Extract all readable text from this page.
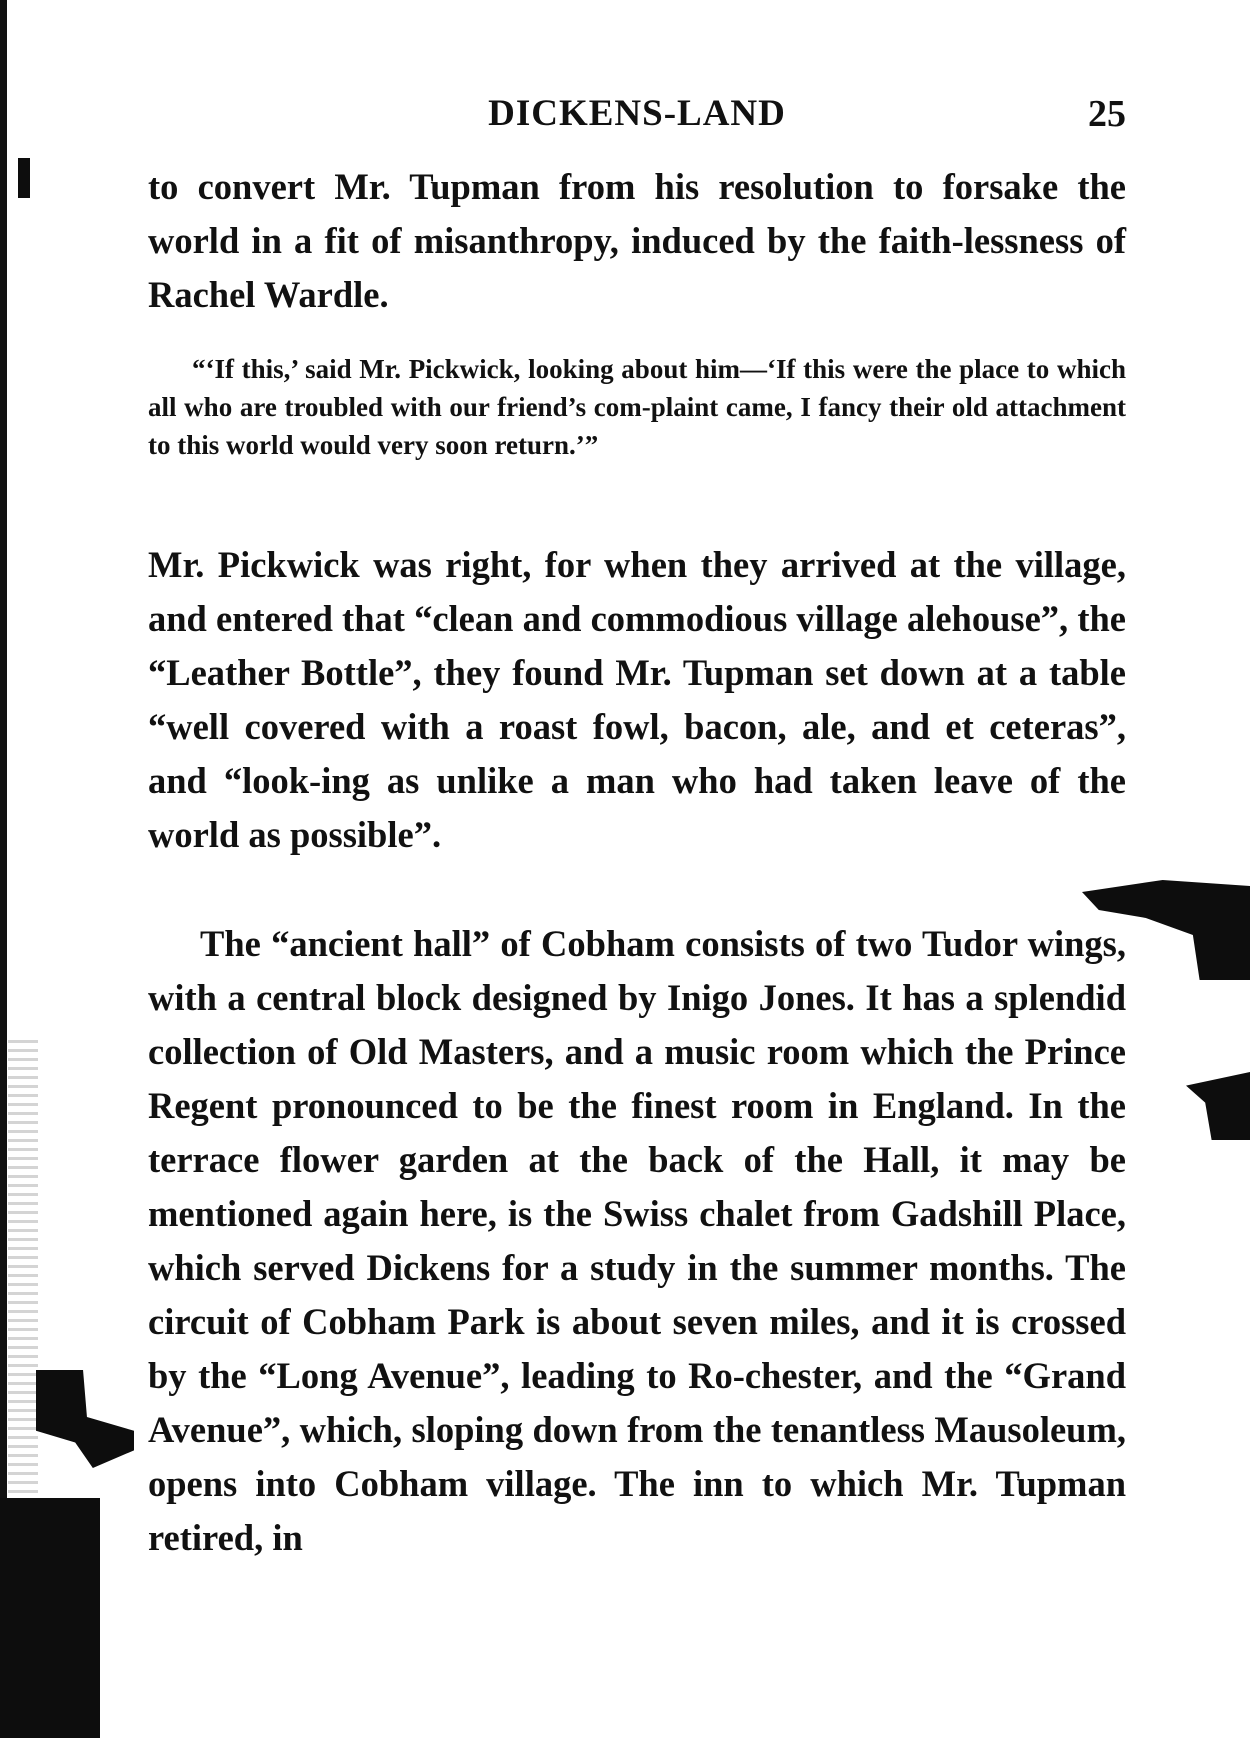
DICKENS-LAND	25

to convert Mr. Tupman from his resolution to forsake the world in a fit of misanthropy, induced by the faith-lessness of Rachel Wardle.

“‘If this,’ said Mr. Pickwick, looking about him—‘If this were the place to which all who are troubled with our friend’s com-plaint came, I fancy their old attachment to this world would very soon return.’”

Mr. Pickwick was right, for when they arrived at the village, and entered that “clean and commodious village alehouse”, the “Leather Bottle”, they found Mr. Tupman set down at a table “well covered with a roast fowl, bacon, ale, and et ceteras”, and “look-ing as unlike a man who had taken leave of the world as possible”.

The “ancient hall” of Cobham consists of two Tudor wings, with a central block designed by Inigo Jones. It has a splendid collection of Old Masters, and a music room which the Prince Regent pronounced to be the finest room in England. In the terrace flower garden at the back of the Hall, it may be mentioned again here, is the Swiss chalet from Gadshill Place, which served Dickens for a study in the summer months. The circuit of Cobham Park is about seven miles, and it is crossed by the “Long Avenue”, leading to Ro-chester, and the “Grand Avenue”, which, sloping down from the tenantless Mausoleum, opens into Cobham village. The inn to which Mr. Tupman retired, in
